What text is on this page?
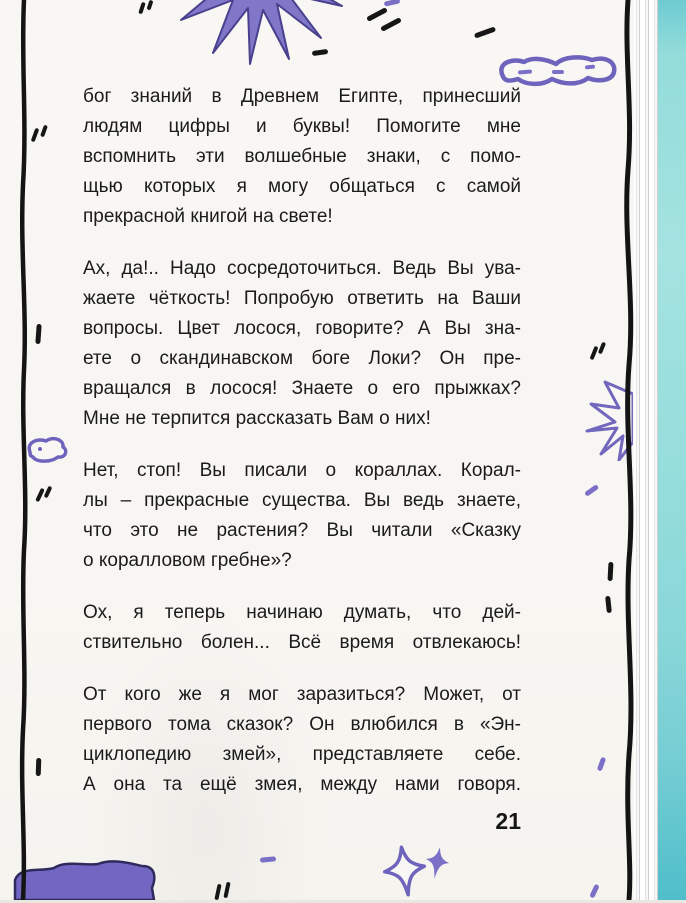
бог знаний в Древнем Египте, принесший
людям цифры и буквы! Помогите мне
вспомнить эти волшебные знаки, с помо-
щью которых я могу общаться с самой
прекрасной книгой на свете!
Ах, да!.. Надо сосредоточиться. Ведь Вы ува-
жаете чёткость! Попробую ответить на Ваши
вопросы. Цвет лосося, говорите? А Вы зна-
ете о скандинавском боге Локи? Он пре-
вращался в лосося! Знаете о его прыжках?
Мне не терпится рассказать Вам о них!
Нет, стоп! Вы писали о кораллах. Корал-
лы – прекрасные существа. Вы ведь знаете,
что это не растения? Вы читали «Сказку
о коралловом гребне»?
Ох, я теперь начинаю думать, что дей-
ствительно болен... Всё время отвлекаюсь!
От кого же я мог заразиться? Может, от
первого тома сказок? Он влюбился в «Эн-
циклопедию змей», представляете себе.
А она та ещё змея, между нами говоря.
21
